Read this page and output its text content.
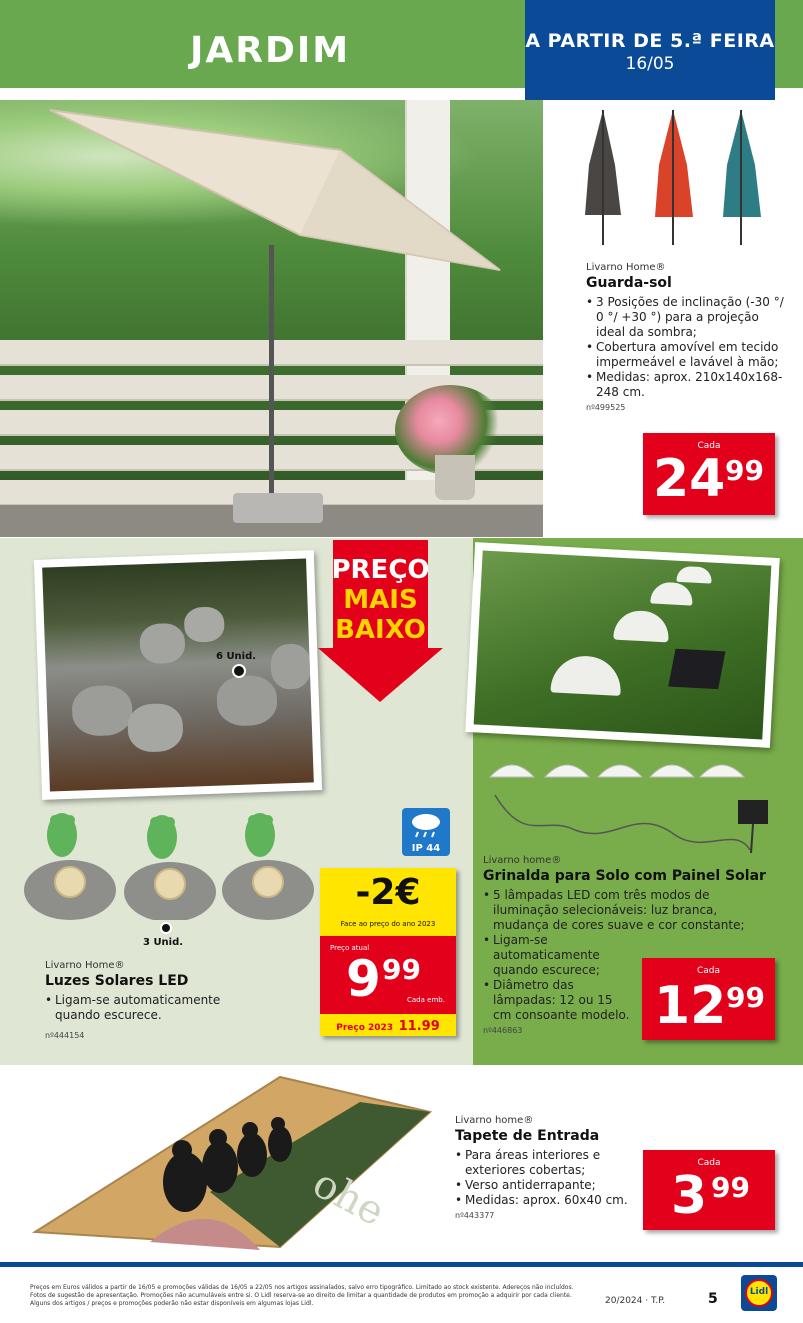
JARDIM	A PARTIR DE 5.ª FEIRA
16/05
Livarno Home®
Guarda-sol
• 3 Posições de inclinação (-30 °/ 0 °/ +30 °) para a projeção ideal da sombra;
• Cobertura amovível em tecido impermeável e lavável à mão;
• Medidas: aprox. 210x140x168-248 cm.
nº499525
Cada
24 99
6 Unid.
PREÇO
MAIS
BAIXO
3 Unid.
IP 44
Livarno Home®
Luzes Solares LED
• Ligam-se automaticamente quando escurece.
nº444154
-2€
Face ao preço do ano 2023
Preço atual
9 99
Cada emb.
Preço 2023 11.99
Livarno home®
Grinalda para Solo com Painel Solar
• 5 lâmpadas LED com três modos de iluminação selecionáveis: luz branca, mudança de cores suave e cor constante;
• Ligam-se automaticamente quando escurece;
• Diâmetro das lâmpadas: 12 ou 15 cm consoante modelo.
nº446863
Cada
12 99
ohe
Livarno home®
Tapete de Entrada
• Para áreas interiores e exteriores cobertas;
• Verso antiderrapante;
• Medidas: aprox. 60x40 cm.
nº443377
Cada
3 99
Preços em Euros válidos a partir de 16/05 e promoções válidas de 16/05 a 22/05 nos artigos assinalados, salvo erro tipográfico. Limitado ao stock existente. Adereços não incluídos. Fotos de sugestão de apresentação. Promoções não acumuláveis entre si. O Lidl reserva-se ao direito de limitar a quantidade de produtos em promoção a adquirir por cada cliente. Alguns dos artigos / preços e promoções poderão não estar disponíveis em algumas lojas Lidl.	20/2024 · T.P.	5	Lidl
